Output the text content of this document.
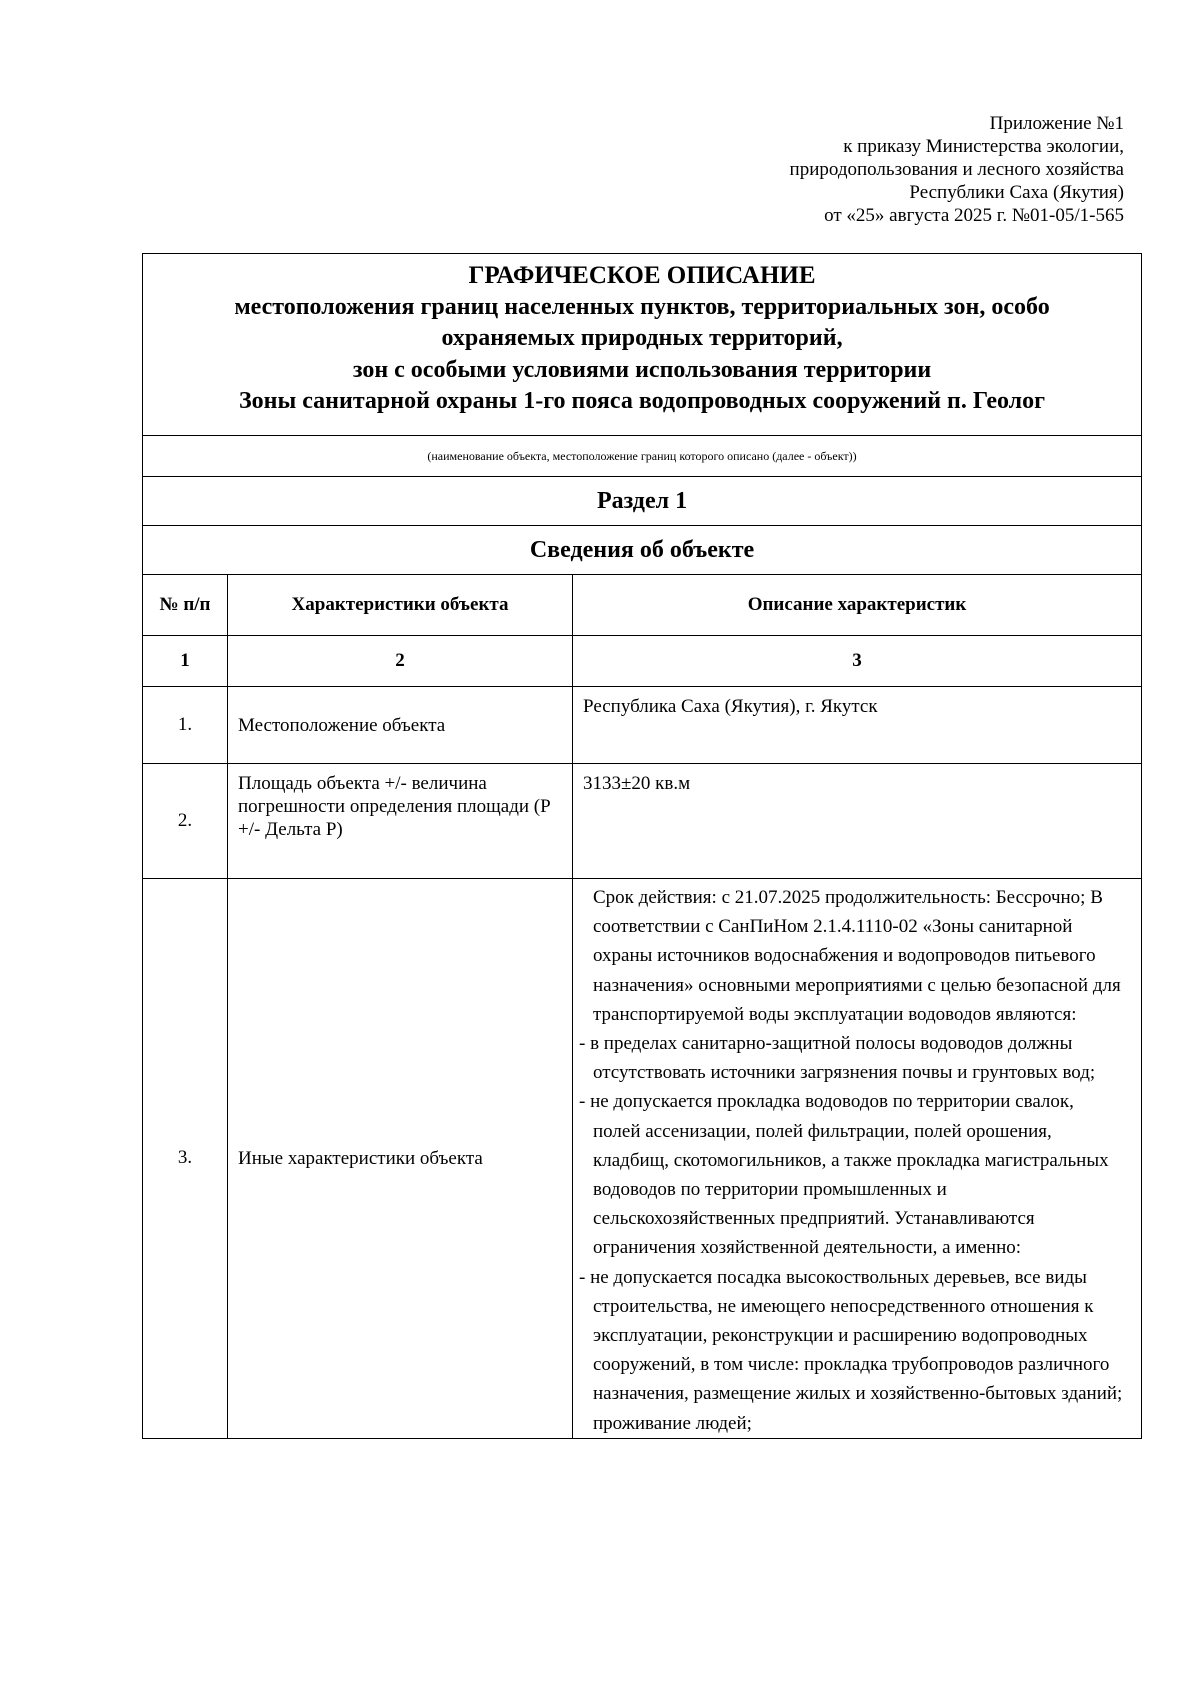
Приложение №1
к приказу Министерства экологии,
природопользования и лесного хозяйства
Республики Саха (Якутия)
от «25» августа 2025 г. №01-05/1-565
ГРАФИЧЕСКОЕ ОПИСАНИЕ
местоположения границ населенных пунктов, территориальных зон, особо
охраняемых природных территорий,
зон с особыми условиями использования территории
Зоны санитарной охраны 1-го пояса водопроводных сооружений п. Геолог		

(наименование объекта, местоположение границ которого описано (далее - объект))		
Раздел 1		
Сведения об объекте		
№ п/п	Характеристики объекта	Описание характеристик
1	2	3
1.	Местоположение объекта	Республика Саха (Якутия), г. Якутск
2.	Площадь объекта +/- величина погрешности определения площади (Р +/- Дельта Р)	3133±20 кв.м
3.	Иные характеристики объекта	Срок действия: с 21.07.2025 продолжительность: Бессрочно; В соответствии с СанПиНом 2.1.4.1110-02 «Зоны санитарной охраны источников водоснабжения и водопроводов питьевого назначения» основными мероприятиями с целью безопасной для транспортируемой воды эксплуатации водоводов являются:

- в пределах санитарно-защитной полосы водоводов должны отсутствовать источники загрязнения почвы и грунтовых вод;

- не допускается прокладка водоводов по территории свалок, полей ассенизации, полей фильтрации, полей орошения, кладбищ, скотомогильников, а также прокладка магистральных водоводов по территории промышленных и сельскохозяйственных предприятий. Устанавливаются ограничения хозяйственной деятельности, а именно:

- не допускается посадка высокоствольных деревьев, все виды строительства, не имеющего непосредственного отношения к эксплуатации, реконструкции и расширению водопроводных сооружений, в том числе: прокладка трубопроводов различного назначения, размещение жилых и хозяйственно-бытовых зданий; проживание людей;
